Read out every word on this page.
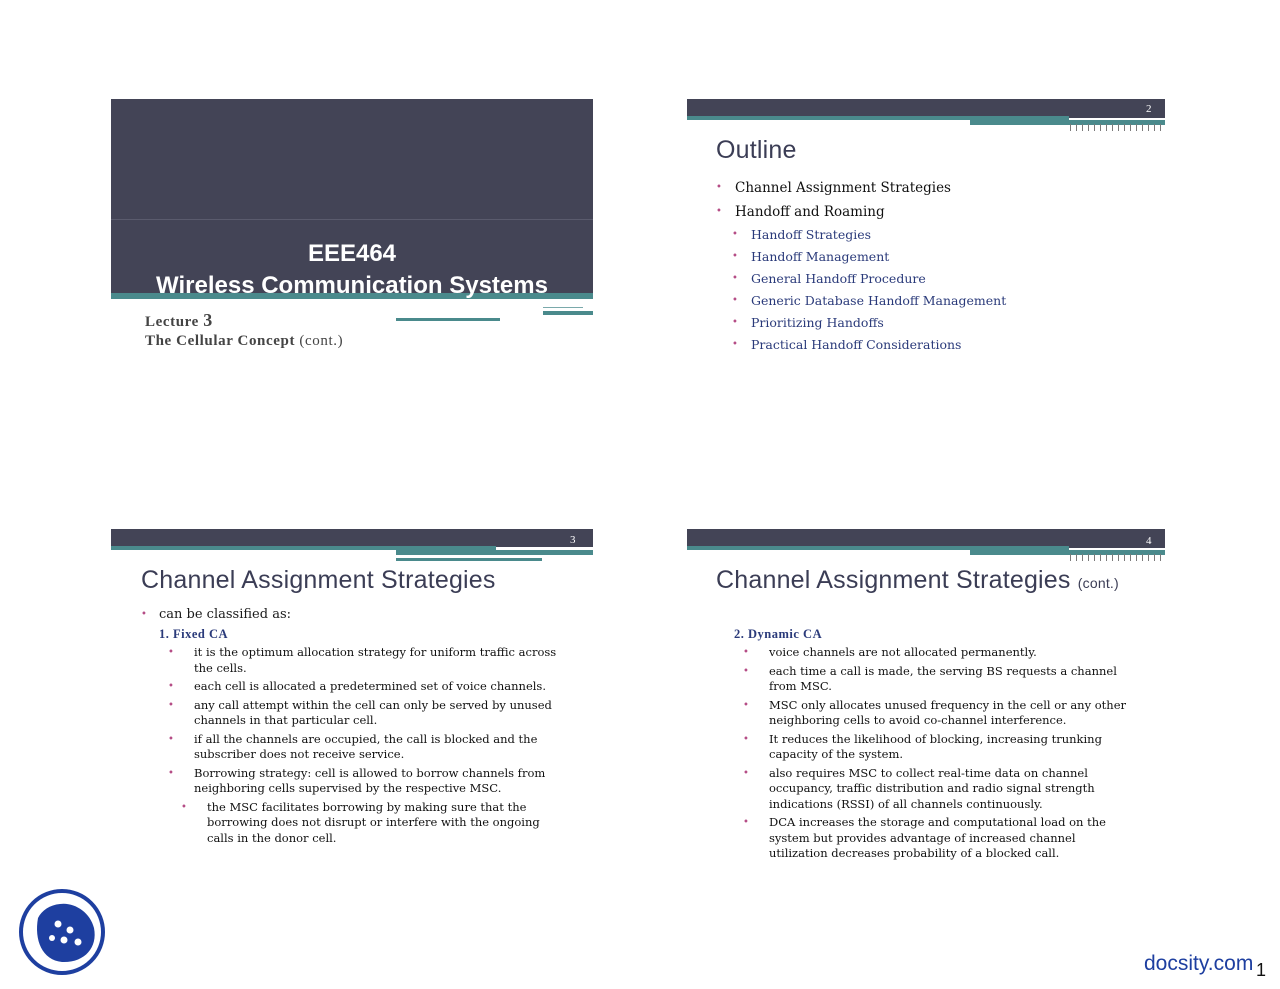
EEE464
Wireless Communication Systems
Lecture 3
The Cellular Concept (cont.)
2
Outline
• Channel Assignment Strategies
• Handoff and Roaming
• Handoff Strategies
• Handoff Management
• General Handoff Procedure
• Generic Database Handoff Management
• Prioritizing Handoffs
• Practical Handoff Considerations
3
Channel Assignment Strategies
• can be classified as:
1. Fixed CA
• it is the optimum allocation strategy for uniform traffic across the cells.
• each cell is allocated a predetermined set of voice channels.
• any call attempt within the cell can only be served by unused channels in that particular cell.
• if all the channels are occupied, the call is blocked and the subscriber does not receive service.
• Borrowing strategy: cell is allowed to borrow channels from neighboring cells supervised by the respective MSC.
• the MSC facilitates borrowing by making sure that the borrowing does not disrupt or interfere with the ongoing calls in the donor cell.
4
Channel Assignment Strategies (cont.)
2. Dynamic CA
• voice channels are not allocated permanently.
• each time a call is made, the serving BS requests a channel from MSC.
• MSC only allocates unused frequency in the cell or any other neighboring cells to avoid co-channel interference.
• It reduces the likelihood of blocking, increasing trunking capacity of the system.
• also requires MSC to collect real-time data on channel occupancy, traffic distribution and radio signal strength indications (RSSI) of all channels continuously.
• DCA increases the storage and computational load on the system but provides advantage of increased channel utilization decreases probability of a blocked call.
docsity.com 1
